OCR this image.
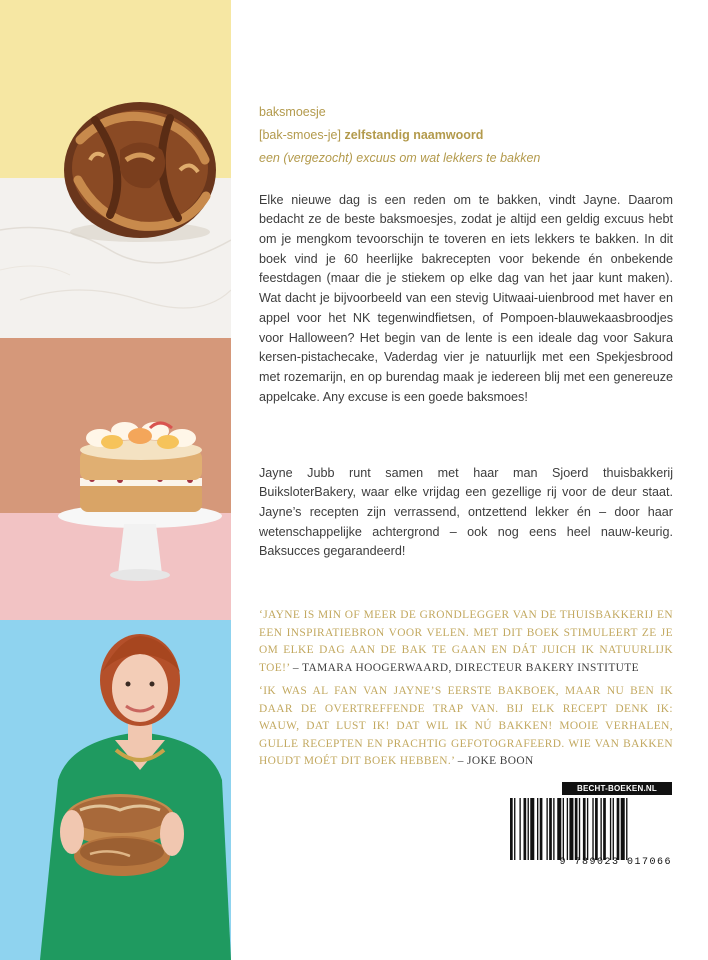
baksmoesje
[bak-smoes-je] zelfstandig naamwoord
een (vergezocht) excuus om wat lekkers te bakken

Elke nieuwe dag is een reden om te bakken, vindt Jayne. Daarom bedacht ze de beste baksmoesjes, zodat je altijd een geldig excuus hebt om je mengkom tevoorschijn te toveren en iets lekkers te bakken. In dit boek vind je 60 heerlijke bakrecepten voor bekende én onbekende feestdagen (maar die je stiekem op elke dag van het jaar kunt maken). Wat dacht je bijvoorbeeld van een stevig Uitwaai-uienbrood met haver en appel voor het NK tegenwindfietsen, of Pompoen-blauwekaasbroodjes voor Halloween? Het begin van de lente is een ideale dag voor Sakura kersen-pistachecake, Vaderdag vier je natuurlijk met een Spekjesbrood met rozemarijn, en op burendag maak je iedereen blij met een genereuze appelcake. Any excuse is een goede baksmoes!

Jayne Jubb runt samen met haar man Sjoerd thuisbakkerij BuiksloterBakery, waar elke vrijdag een gezellige rij voor de deur staat. Jayne’s recepten zijn verrassend, ontzettend lekker én – door haar wetenschappelijke achtergrond – ook nog eens heel nauw-keurig. Baksucces gegarandeerd!

‘JAYNE IS MIN OF MEER DE GRONDLEGGER VAN DE THUISBAKKERIJ EN EEN INSPIRATIEBRON VOOR VELEN. MET DIT BOEK STIMULEERT ZE JE OM ELKE DAG AAN DE BAK TE GAAN EN DÁT JUICH IK NATUURLIJK TOE!’ – TAMARA HOOGERWAARD, DIRECTEUR BAKERY INSTITUTE

‘IK WAS AL FAN VAN JAYNE’S EERSTE BAKBOEK, MAAR NU BEN IK DAAR DE OVERTREFFENDE TRAP VAN. BIJ ELK RECEPT DENK IK: WAUW, DAT LUST IK! DAT WIL IK NÚ BAKKEN! MOOIE VERHALEN, GULLE RECEPTEN EN PRACHTIG GEFOTOGRAFEERD. WIE VAN BAKKEN HOUDT MOÉT DIT BOEK HEBBEN.’ – JOKE BOON

BECHT-BOEKEN.NL
9 789023 017066
